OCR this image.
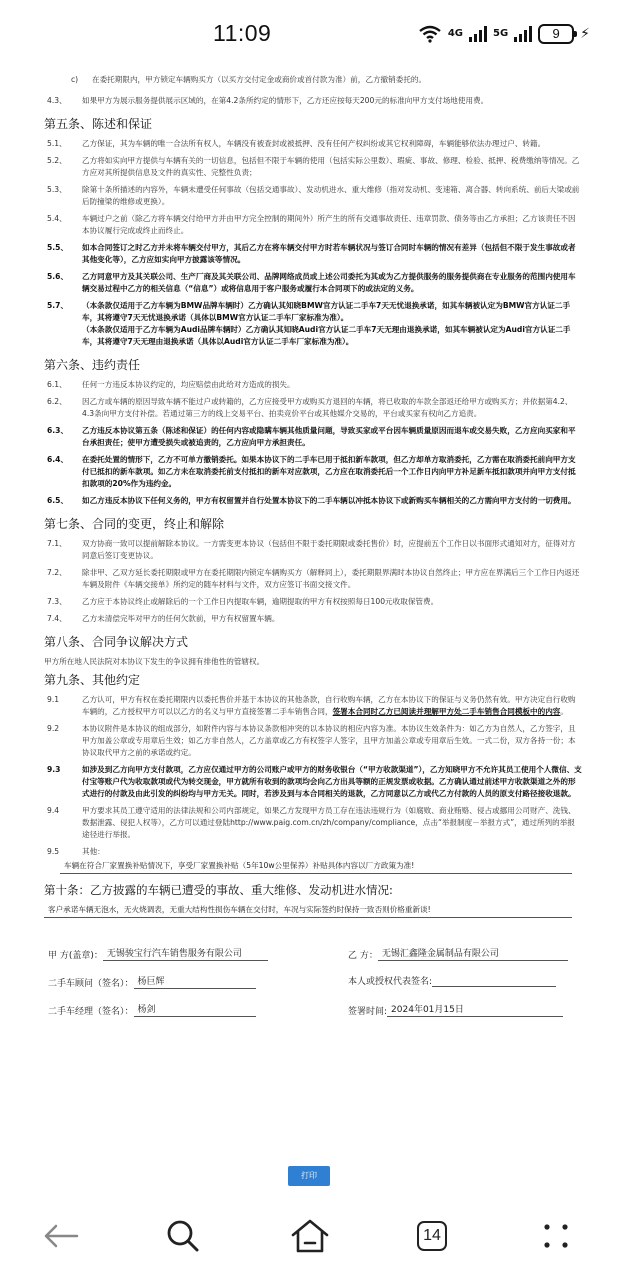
11:09	4G	5G	9	⚡
c) 在委托期限内，甲方锁定车辆购买方（以买方交付定金或商价或首付款为准）前，乙方撤销委托的。
4.3、 如果甲方为展示服务提供展示区域的，在第4.2条所约定的情形下，乙方还应按每天200元的标准向甲方支付场地使用费。
第五条、陈述和保证
5.1、 乙方保证，其为车辆的唯一合法所有权人，车辆没有被查封或被抵押、没有任何产权纠纷或其它权利障碍，车辆能够依法办理过户、转籍。
5.2、 乙方将如实向甲方提供与车辆有关的一切信息，包括但不限于车辆的使用（包括实际公里数）、瑕疵、事故、修理、检验、抵押、税费缴纳等情况。乙方应对其所提供信息及文件的真实性、完整性负责；
5.3、 除第十条所描述的内容外，车辆未遭受任何事故（包括交通事故）、发动机进水、重大维修（指对发动机、变速箱、离合器、转向系统、前后大梁或前后防撞梁的维修或更换）。
5.4、 车辆过户之前（除乙方将车辆交付给甲方并由甲方完全控制的期间外）所产生的所有交通事故责任、违章罚款、债务等由乙方承担；乙方该责任不因本协议履行完成或终止而终止。
5.5、 如本合同签订之时乙方并未将车辆交付甲方，其后乙方在将车辆交付甲方时若车辆状况与签订合同时车辆的情况有差异（包括但不限于发生事故或者其他变化等），乙方应如实向甲方披露该等情况。
5.6、 乙方同意甲方及其关联公司、生产厂商及其关联公司、品牌网络成员或上述公司委托为其或为乙方提供服务的服务提供商在专业服务的范围内使用车辆交易过程中乙方的相关信息（“信息”）或将信息用于客户服务或履行本合同项下的或法定的义务。
5.7、 （本条款仅适用于乙方车辆为BMW品牌车辆时）乙方确认其知晓BMW官方认证二手车7天无忧退换承诺，如其车辆被认定为BMW官方认证二手车，其将遵守7天无忧退换承诺（具体以BMW官方认证二手车厂家标准为准）。
（本条款仅适用于乙方车辆为Audi品牌车辆时）乙方确认其知晓Audi官方认证二手车7天无理由退换承诺，如其车辆被认定为Audi官方认证二手车，其将遵守7天无理由退换承诺（具体以Audi官方认证二手车厂家标准为准）。
第六条、违约责任
6.1、 任何一方违反本协议约定的，均应赔偿由此给对方造成的损失。
6.2、 因乙方或车辆的原因导致车辆不能过户或转籍的，乙方应接受甲方或购买方退回的车辆，将已收取的车款全部返还给甲方或购买方；并依据第4.2、4.3条向甲方支付补偿。若通过第三方的线上交易平台、拍卖竞价平台或其他媒介交易的，平台或买家有权向乙方追责。
6.3、 乙方违反本协议第五条（陈述和保证）的任何内容或隐瞒车辆其他质量问题，导致买家或平台因车辆质量原因而退车或交易失败，乙方应向买家和平台承担责任；使甲方遭受损失或被追责的，乙方应向甲方承担责任。
6.4、 在委托处置的情形下，乙方不可单方撤销委托。如果本协议下的二手车已用于抵扣新车款项，但乙方却单方取消委托，乙方需在取消委托前向甲方支付已抵扣的新车款项。如乙方未在取消委托前支付抵扣的新车对应款项，乙方应在取消委托后一个工作日内向甲方补足新车抵扣款项并向甲方支付抵扣款项的20%作为违约金。
6.5、 如乙方违反本协议下任何义务的，甲方有权留置并自行处置本协议下的二手车辆以冲抵本协议下或新购买车辆相关的乙方需向甲方支付的一切费用。
第七条、合同的变更，终止和解除
7.1、 双方协商一致可以提前解除本协议。一方需变更本协议（包括但不限于委托期限或委托售价）时，应提前五个工作日以书面形式通知对方，征得对方同意后签订变更协议。
7.2、 除非甲、乙双方延长委托期限或甲方在委托期限内锁定车辆购买方（解释同上），委托期限界满时本协议自然终止；甲方应在界满后三个工作日内返还车辆及附件《车辆交接单》所约定的随车材料与文件，双方应签订书面交接文件。
7.3、 乙方应于本协议终止或解除后的一个工作日内提取车辆，逾期提取的甲方有权按照每日100元收取保管费。
7.4、 乙方未清偿完毕对甲方的任何欠款前，甲方有权留置车辆。
第八条、合同争议解决方式
甲方所在地人民法院对本协议下发生的争议拥有排他性的管辖权。
第九条、其他约定
9.1	乙方认可，甲方有权在委托期限内以委托售价并基于本协议的其他条款，自行收购车辆，乙方在本协议下的保证与义务仍然有效。甲方决定自行收购车辆的，乙方授权甲方可以以乙方的名义与甲方直接签署二手车销售合同，签署本合同时乙方已阅读并理解甲方处二手车销售合同模板中的内容。
9.2	本协议附件是本协议的组成部分，如附件内容与本协议条款相冲突的以本协议的相应内容为准。本协议生效条件为：如乙方为自然人，乙方签字，且甲方加盖公章或专用章后生效；如乙方非自然人，乙方盖章或乙方有权签字人签字，且甲方加盖公章或专用章后生效。一式二份，双方各持一份；本协议取代甲方之前的承诺或约定。
9.3	如涉及到乙方向甲方支付款项，乙方应仅通过甲方的公司账户或甲方的财务收银台（“甲方收款渠道”），乙方知晓甲方不允许其员工使用个人微信、支付宝等账户代为收取款项或代为转交现金，甲方就所有收到的款项均会向乙方出具等额的正规发票或收据。乙方确认通过前述甲方收款渠道之外的形式进行的付款及由此引发的纠纷均与甲方无关。同时，若涉及到与本合同相关的退款，乙方同意以乙方或代乙方付款的人员的原支付路径接收退款。
9.4	甲方要求其员工遵守适用的法律法规和公司内部规定，如果乙方发现甲方员工存在违法违规行为（如腐败、商业贿赂、侵占或挪用公司财产、洗钱、数据泄露、侵犯人权等），乙方可以通过登陆http://www.paig.com.cn/zh/company/compliance，点击“举报制度－举报方式”，通过所列的举报途径进行举报。
9.5	其他：
车辆在符合厂家置换补贴情况下，享受厂家置换补贴（5年10w公里保养）补贴具体内容以厂方政策为准!
第十条：乙方披露的车辆已遭受的事故、重大维修、发动机进水情况:
客户承诺车辆无泡水，无火烧调表，无重大结构性损伤车辆在交付时，车况与实际签约时保持一致否则价格重新谈!
甲 方(盖章)： 无锡骏宝行汽车销售服务有限公司	乙 方： 无锡汇鑫隆金属制品有限公司
二手车顾问（签名）： 杨巨辉	本人或授权代表签名:
二手车经理（签名）： 杨剑	签署时间: 2024年01月15日
打印
14
